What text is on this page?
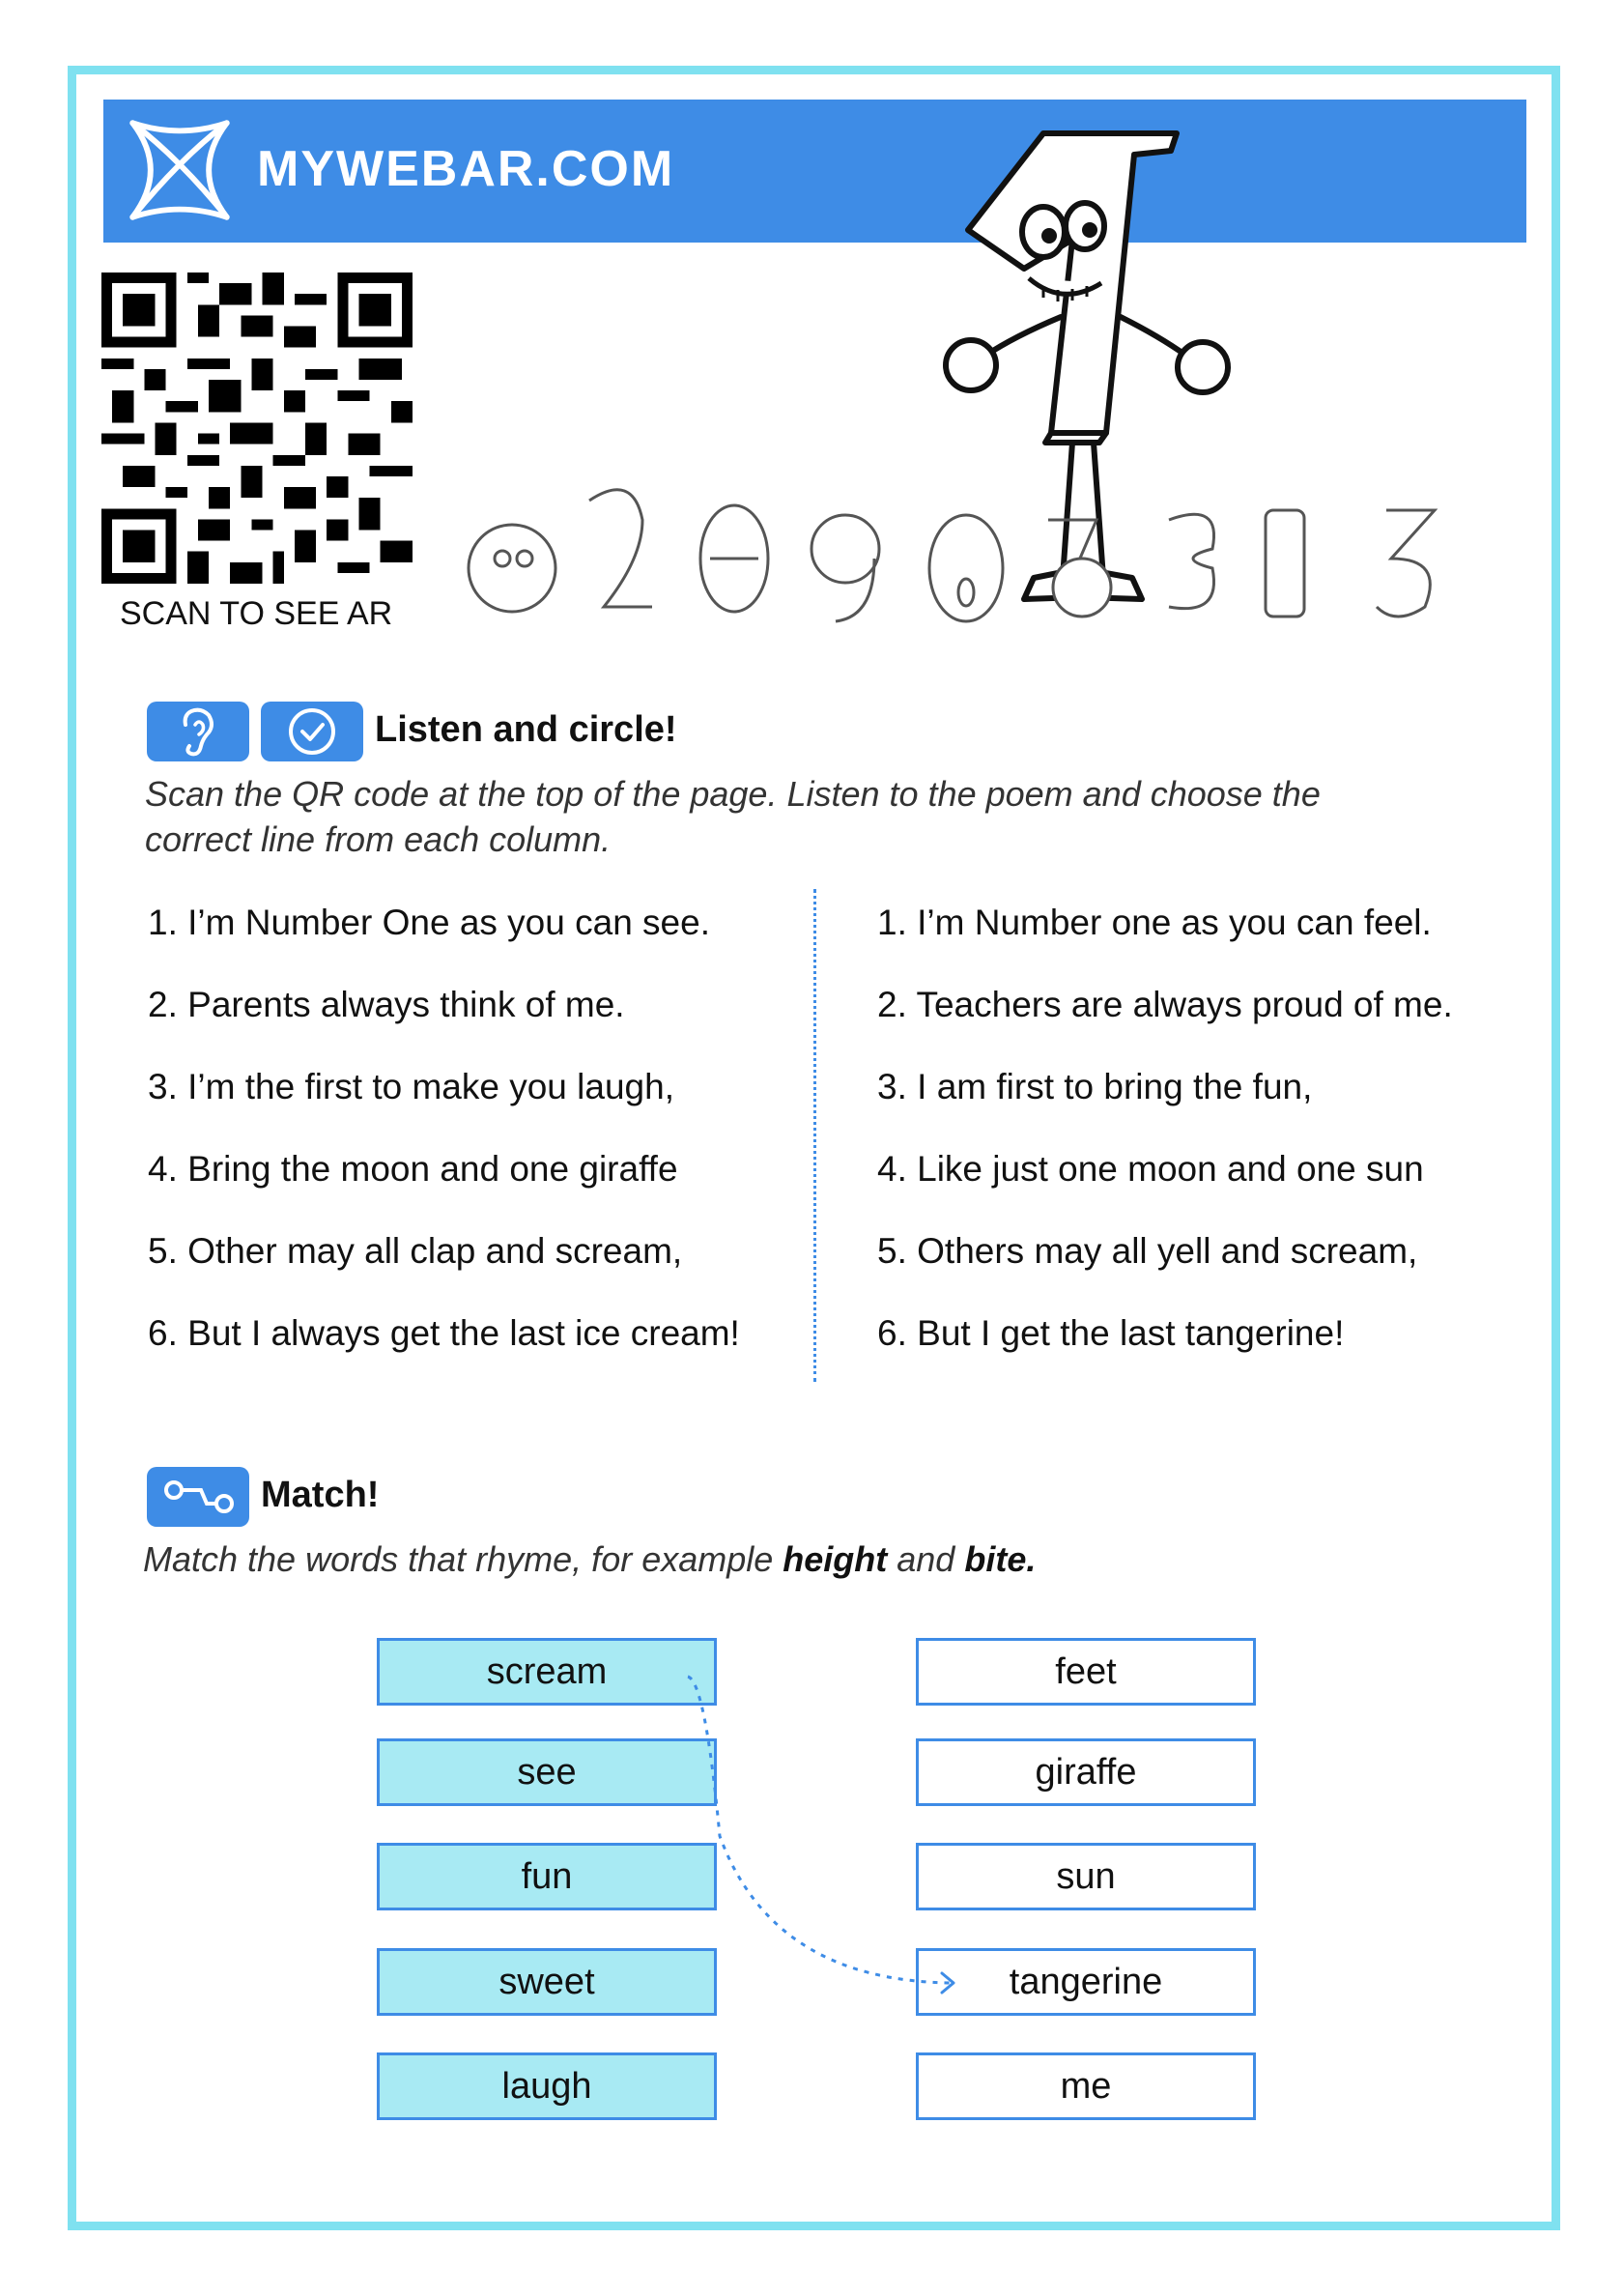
MYWEBAR.COM
SCAN TO SEE AR
Listen and circle!
Scan the QR code at the top of the page. Listen to the poem and choose the
correct line from each column.
1. I’m Number One as you can see.
2. Parents always think of me.
3. I’m the first to make you laugh,
4. Bring the moon and one giraffe
5. Other may all clap and scream,
6. But I always get the last ice cream!
1. I’m Number one as you can feel.
2. Teachers are always proud of me.
3. I am first to bring the fun,
4. Like just one moon and one sun
5. Others may all yell and scream,
6. But I get the last tangerine!
Match!
Match the words that rhyme, for example height and bite.
scream
see
fun
sweet
laugh
feet
giraffe
sun
tangerine
me
